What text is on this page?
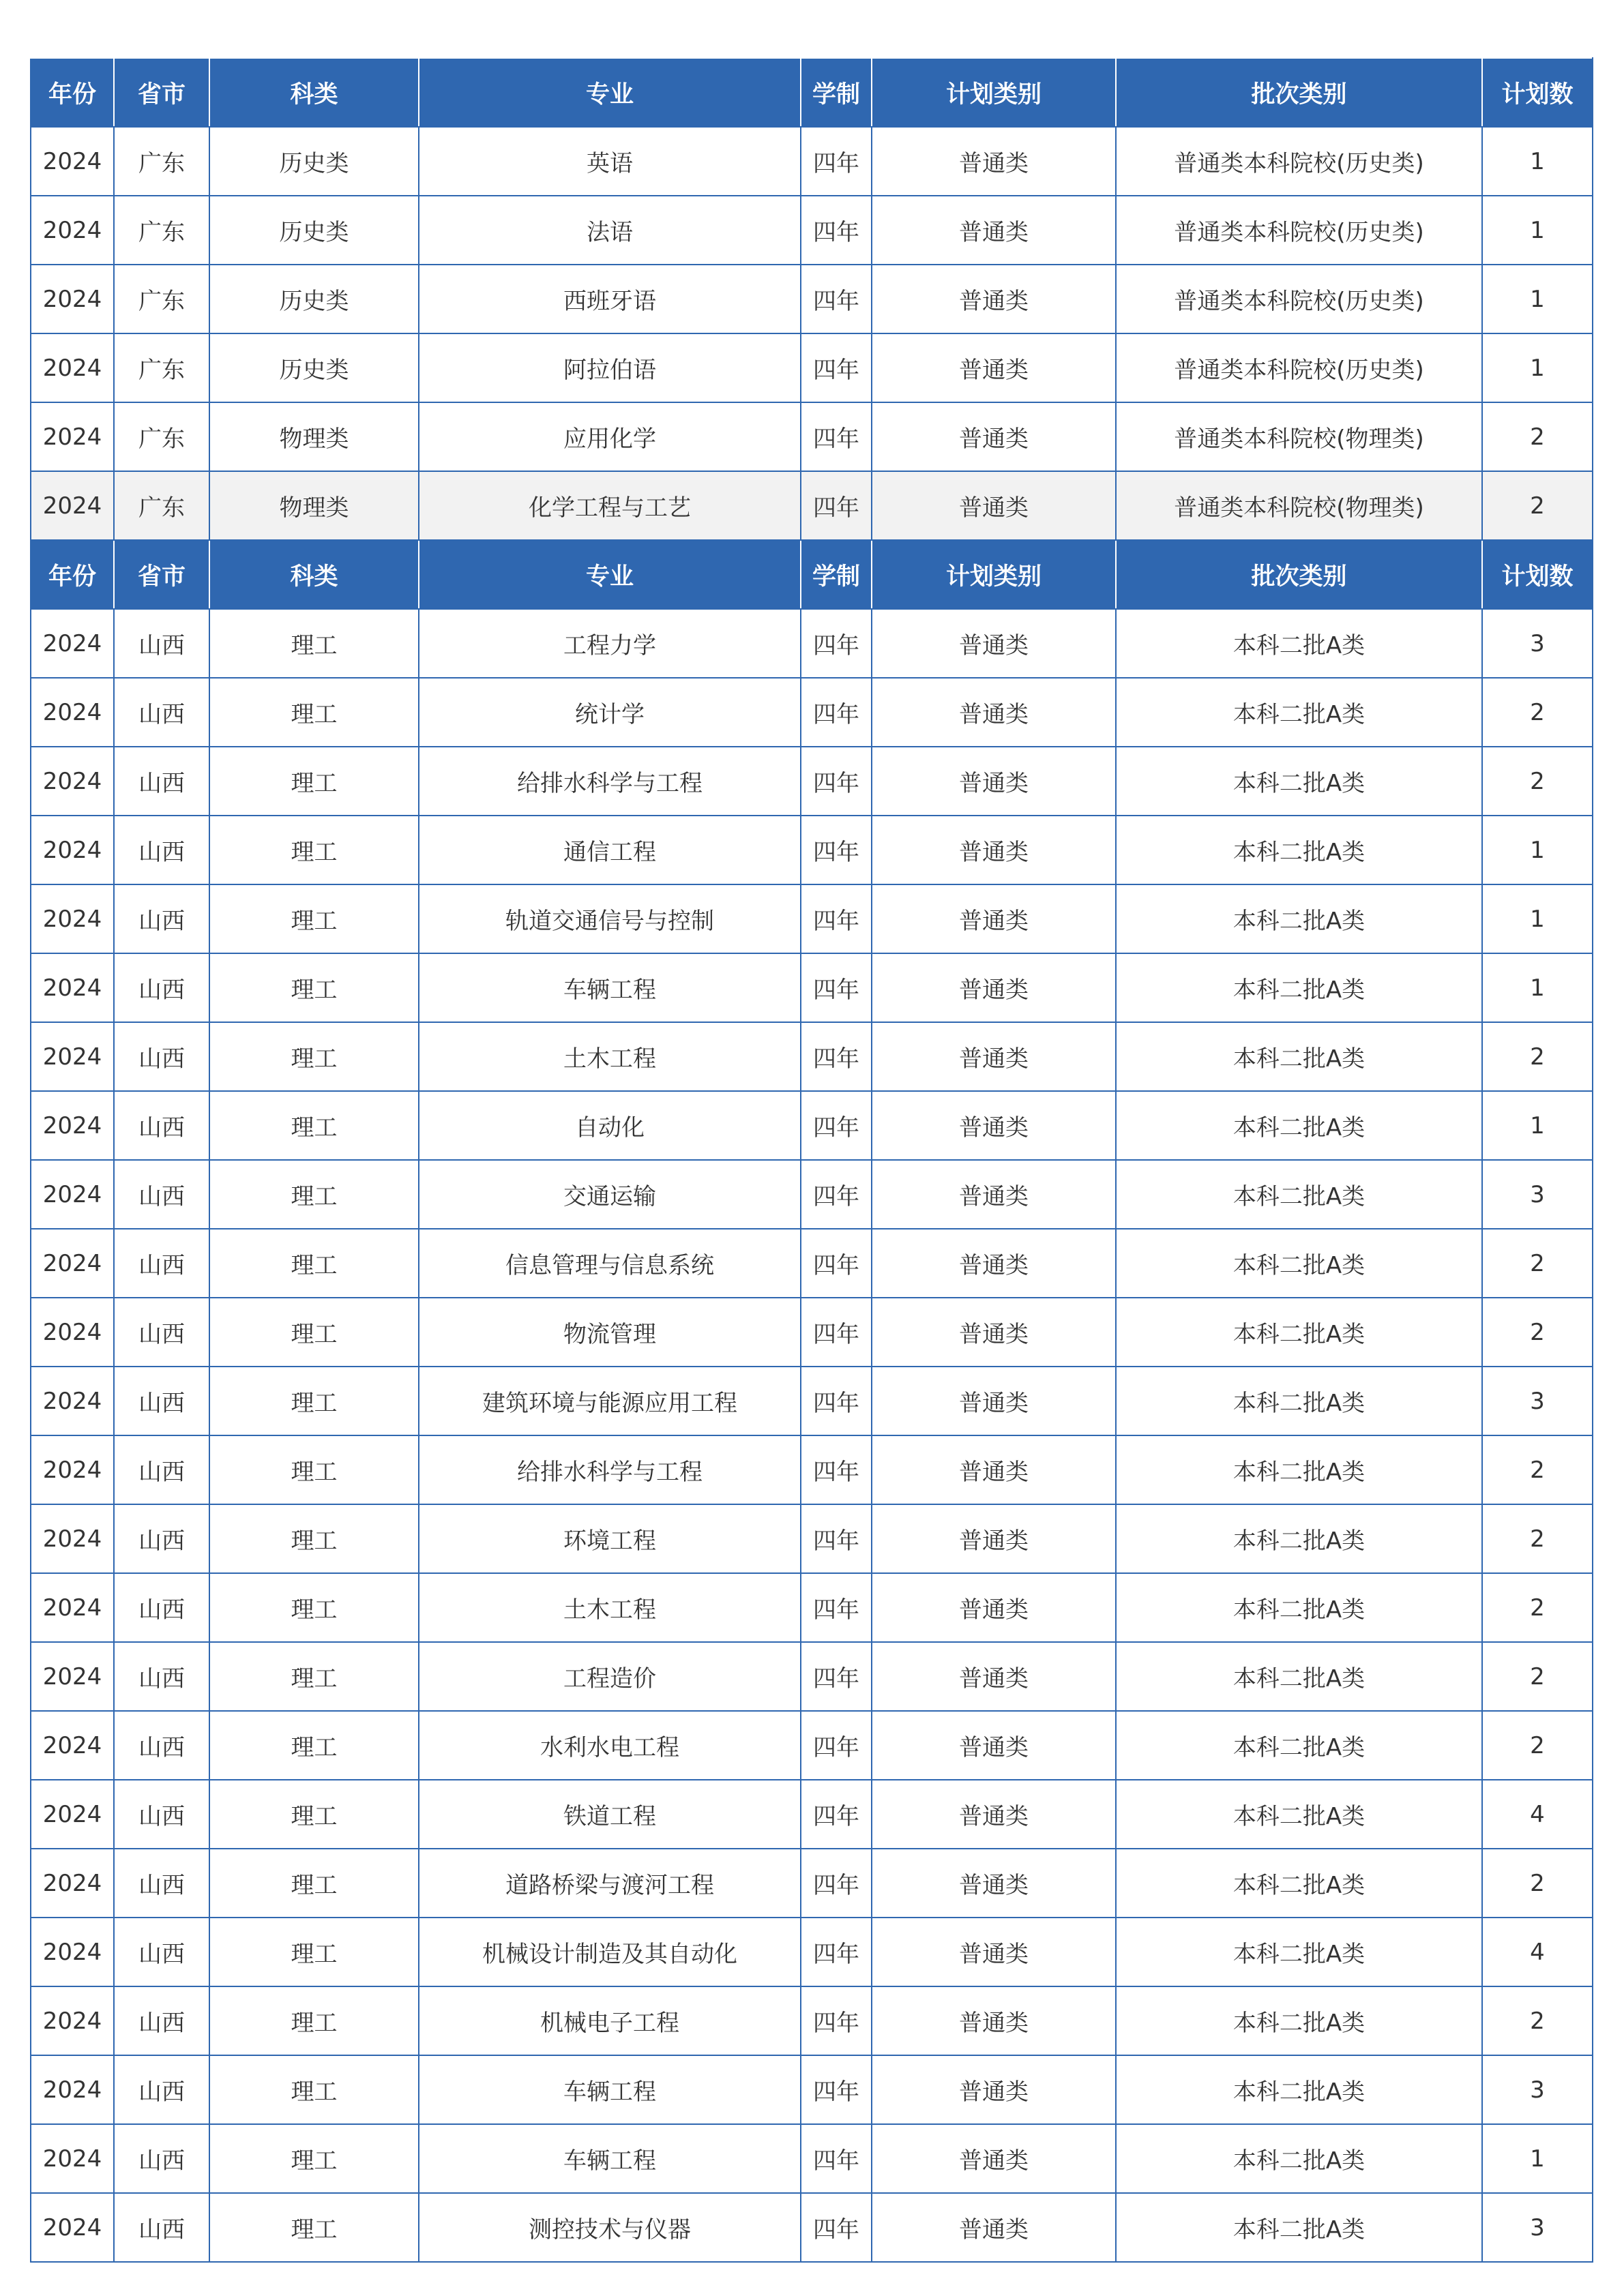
年份	省市	科类	专业	学制	计划类别	批次类别	计划数
2024	广东	历史类	英语	四年	普通类	普通类本科院校(历史类)	1
2024	广东	历史类	法语	四年	普通类	普通类本科院校(历史类)	1
2024	广东	历史类	西班牙语	四年	普通类	普通类本科院校(历史类)	1
2024	广东	历史类	阿拉伯语	四年	普通类	普通类本科院校(历史类)	1
2024	广东	物理类	应用化学	四年	普通类	普通类本科院校(物理类)	2
2024	广东	物理类	化学工程与工艺	四年	普通类	普通类本科院校(物理类)	2
年份	省市	科类	专业	学制	计划类别	批次类别	计划数
2024	山西	理工	工程力学	四年	普通类	本科二批A类	3
2024	山西	理工	统计学	四年	普通类	本科二批A类	2
2024	山西	理工	给排水科学与工程	四年	普通类	本科二批A类	2
2024	山西	理工	通信工程	四年	普通类	本科二批A类	1
2024	山西	理工	轨道交通信号与控制	四年	普通类	本科二批A类	1
2024	山西	理工	车辆工程	四年	普通类	本科二批A类	1
2024	山西	理工	土木工程	四年	普通类	本科二批A类	2
2024	山西	理工	自动化	四年	普通类	本科二批A类	1
2024	山西	理工	交通运输	四年	普通类	本科二批A类	3
2024	山西	理工	信息管理与信息系统	四年	普通类	本科二批A类	2
2024	山西	理工	物流管理	四年	普通类	本科二批A类	2
2024	山西	理工	建筑环境与能源应用工程	四年	普通类	本科二批A类	3
2024	山西	理工	给排水科学与工程	四年	普通类	本科二批A类	2
2024	山西	理工	环境工程	四年	普通类	本科二批A类	2
2024	山西	理工	土木工程	四年	普通类	本科二批A类	2
2024	山西	理工	工程造价	四年	普通类	本科二批A类	2
2024	山西	理工	水利水电工程	四年	普通类	本科二批A类	2
2024	山西	理工	铁道工程	四年	普通类	本科二批A类	4
2024	山西	理工	道路桥梁与渡河工程	四年	普通类	本科二批A类	2
2024	山西	理工	机械设计制造及其自动化	四年	普通类	本科二批A类	4
2024	山西	理工	机械电子工程	四年	普通类	本科二批A类	2
2024	山西	理工	车辆工程	四年	普通类	本科二批A类	3
2024	山西	理工	车辆工程	四年	普通类	本科二批A类	1
2024	山西	理工	测控技术与仪器	四年	普通类	本科二批A类	3
